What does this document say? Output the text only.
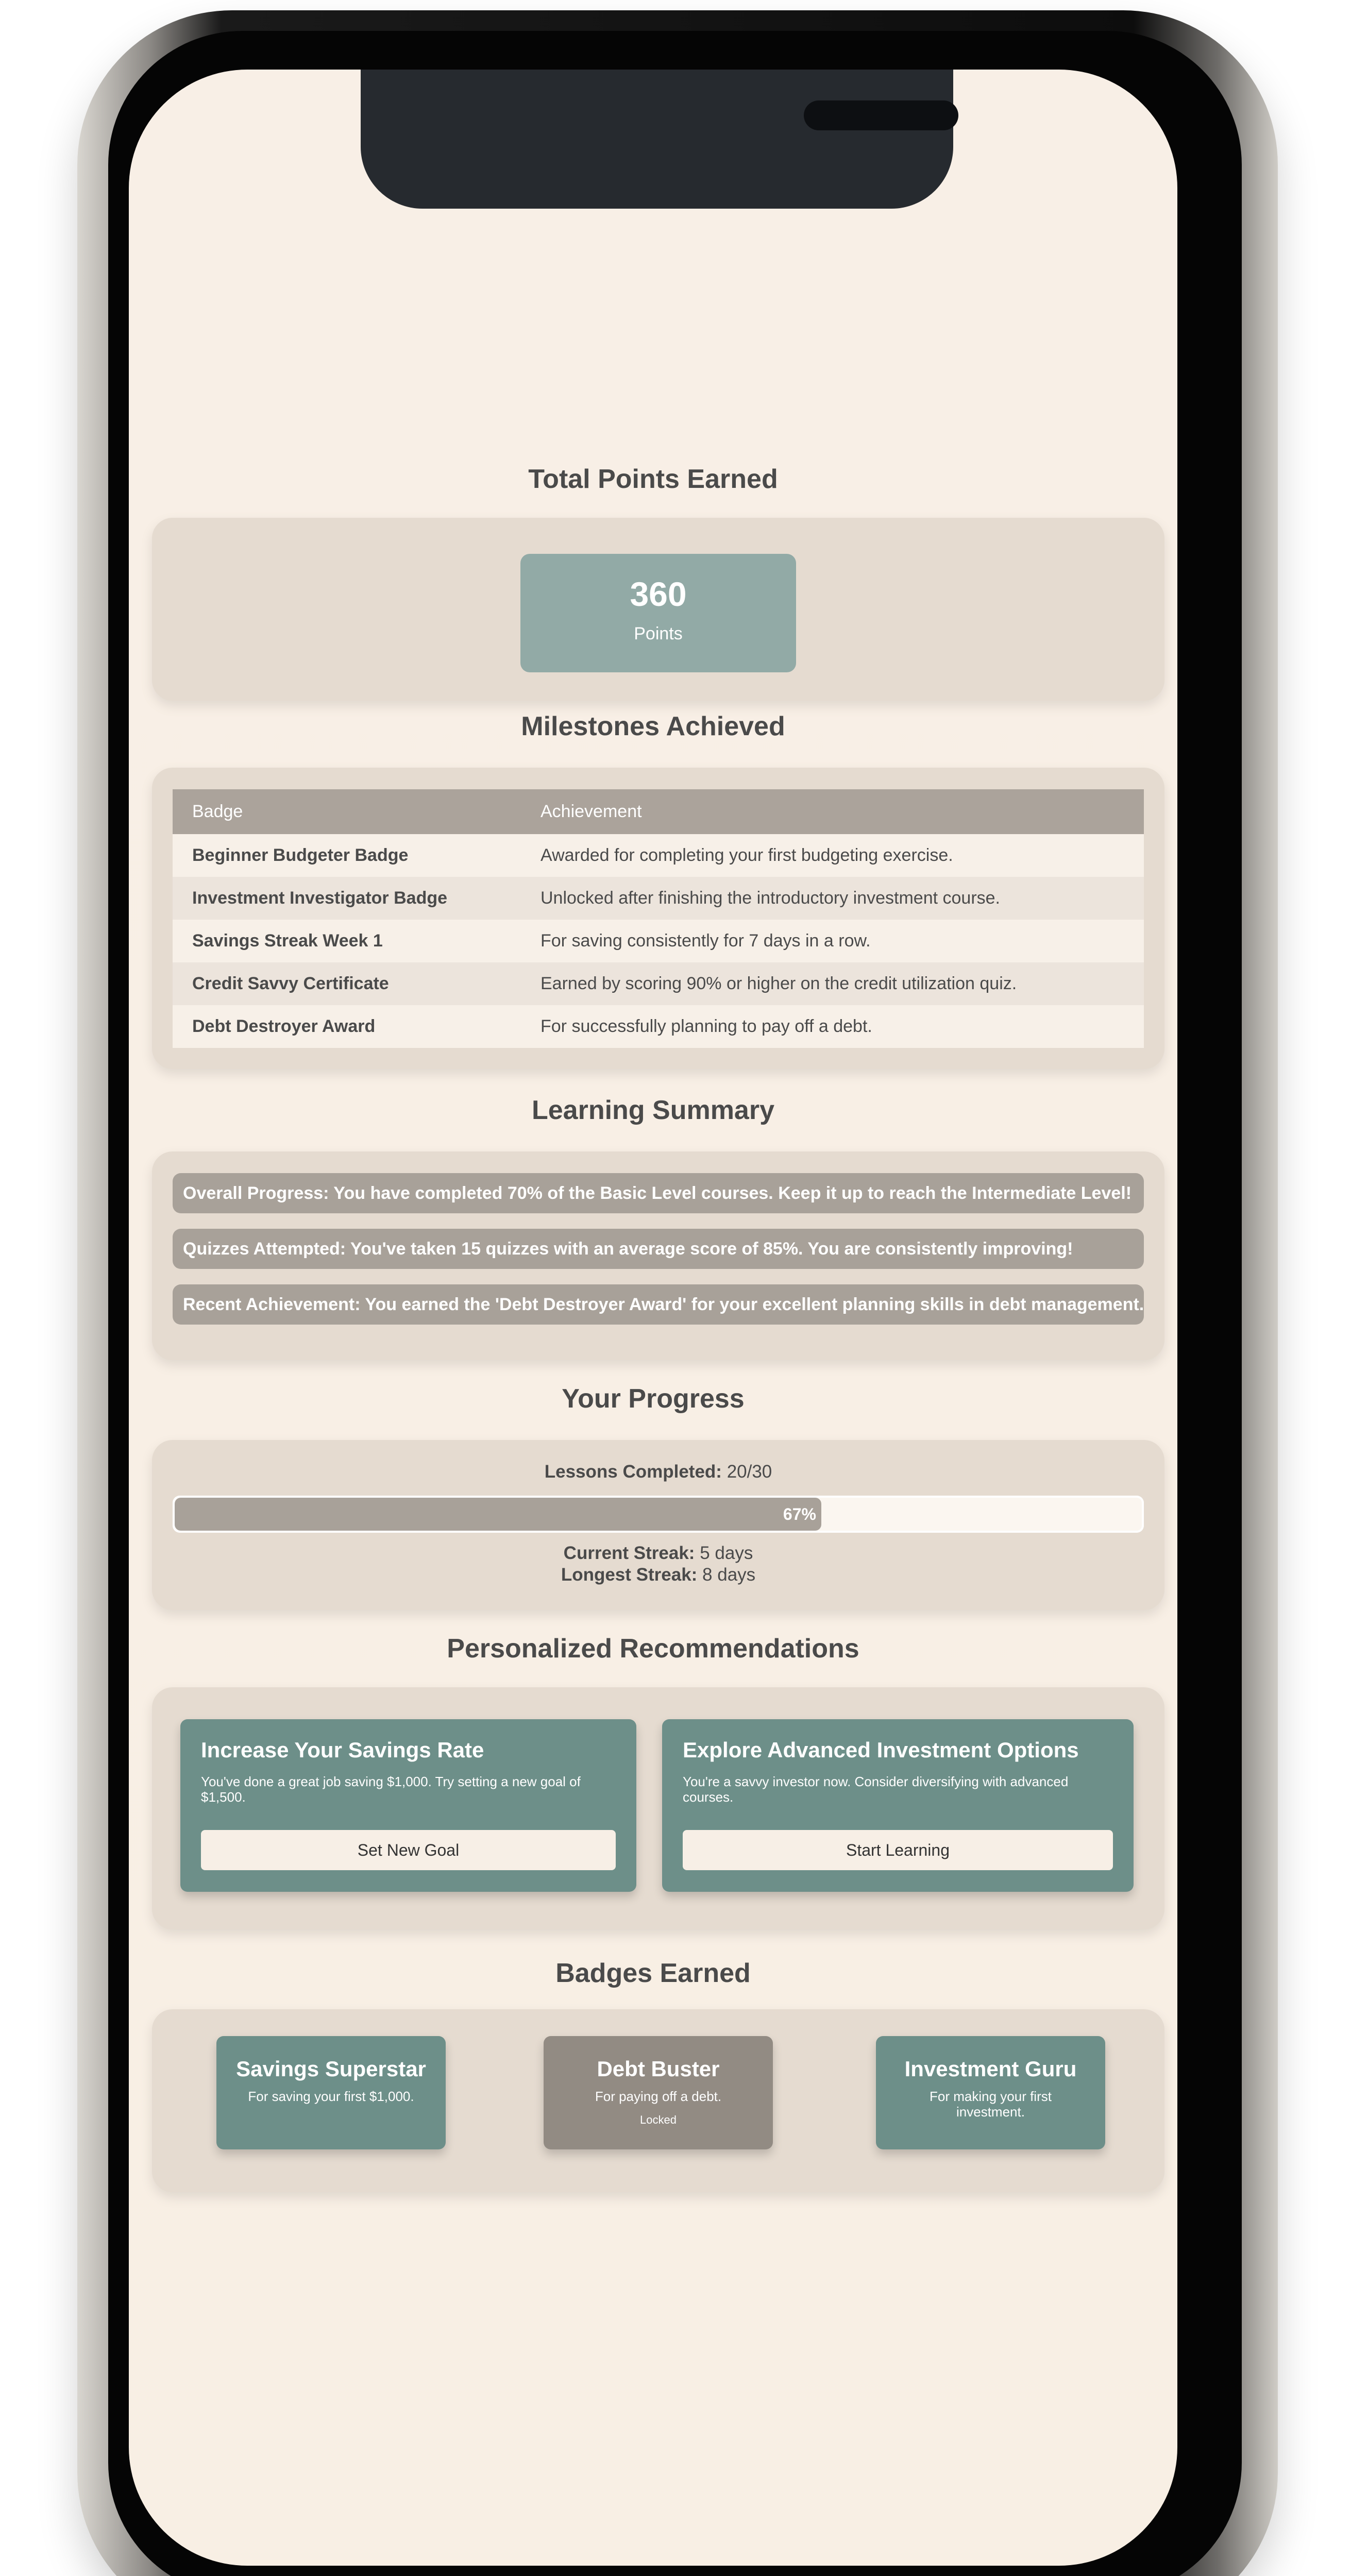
Total Points Earned
360
Points
Milestones Achieved
Badge	Achievement
Beginner Budgeter Badge	Awarded for completing your first budgeting exercise.
Investment Investigator Badge	Unlocked after finishing the introductory investment course.
Savings Streak Week 1	For saving consistently for 7 days in a row.
Credit Savvy Certificate	Earned by scoring 90% or higher on the credit utilization quiz.
Debt Destroyer Award	For successfully planning to pay off a debt.
Learning Summary
Overall Progress: You have completed 70% of the Basic Level courses. Keep it up to reach the Intermediate Level!
Quizzes Attempted: You've taken 15 quizzes with an average score of 85%. You are consistently improving!
Recent Achievement: You earned the 'Debt Destroyer Award' for your excellent planning skills in debt management.
Your Progress
Lessons Completed: 20/30
67%
Current Streak: 5 days
Longest Streak: 8 days
Personalized Recommendations
Increase Your Savings Rate
You've done a great job saving $1,000. Try setting a new goal of $1,500.
Set New Goal
Explore Advanced Investment Options
You're a savvy investor now. Consider diversifying with advanced courses.
Start Learning
Badges Earned
Savings Superstar
For saving your first $1,000.
Debt Buster
For paying off a debt.
Locked
Investment Guru
For making your first investment.
